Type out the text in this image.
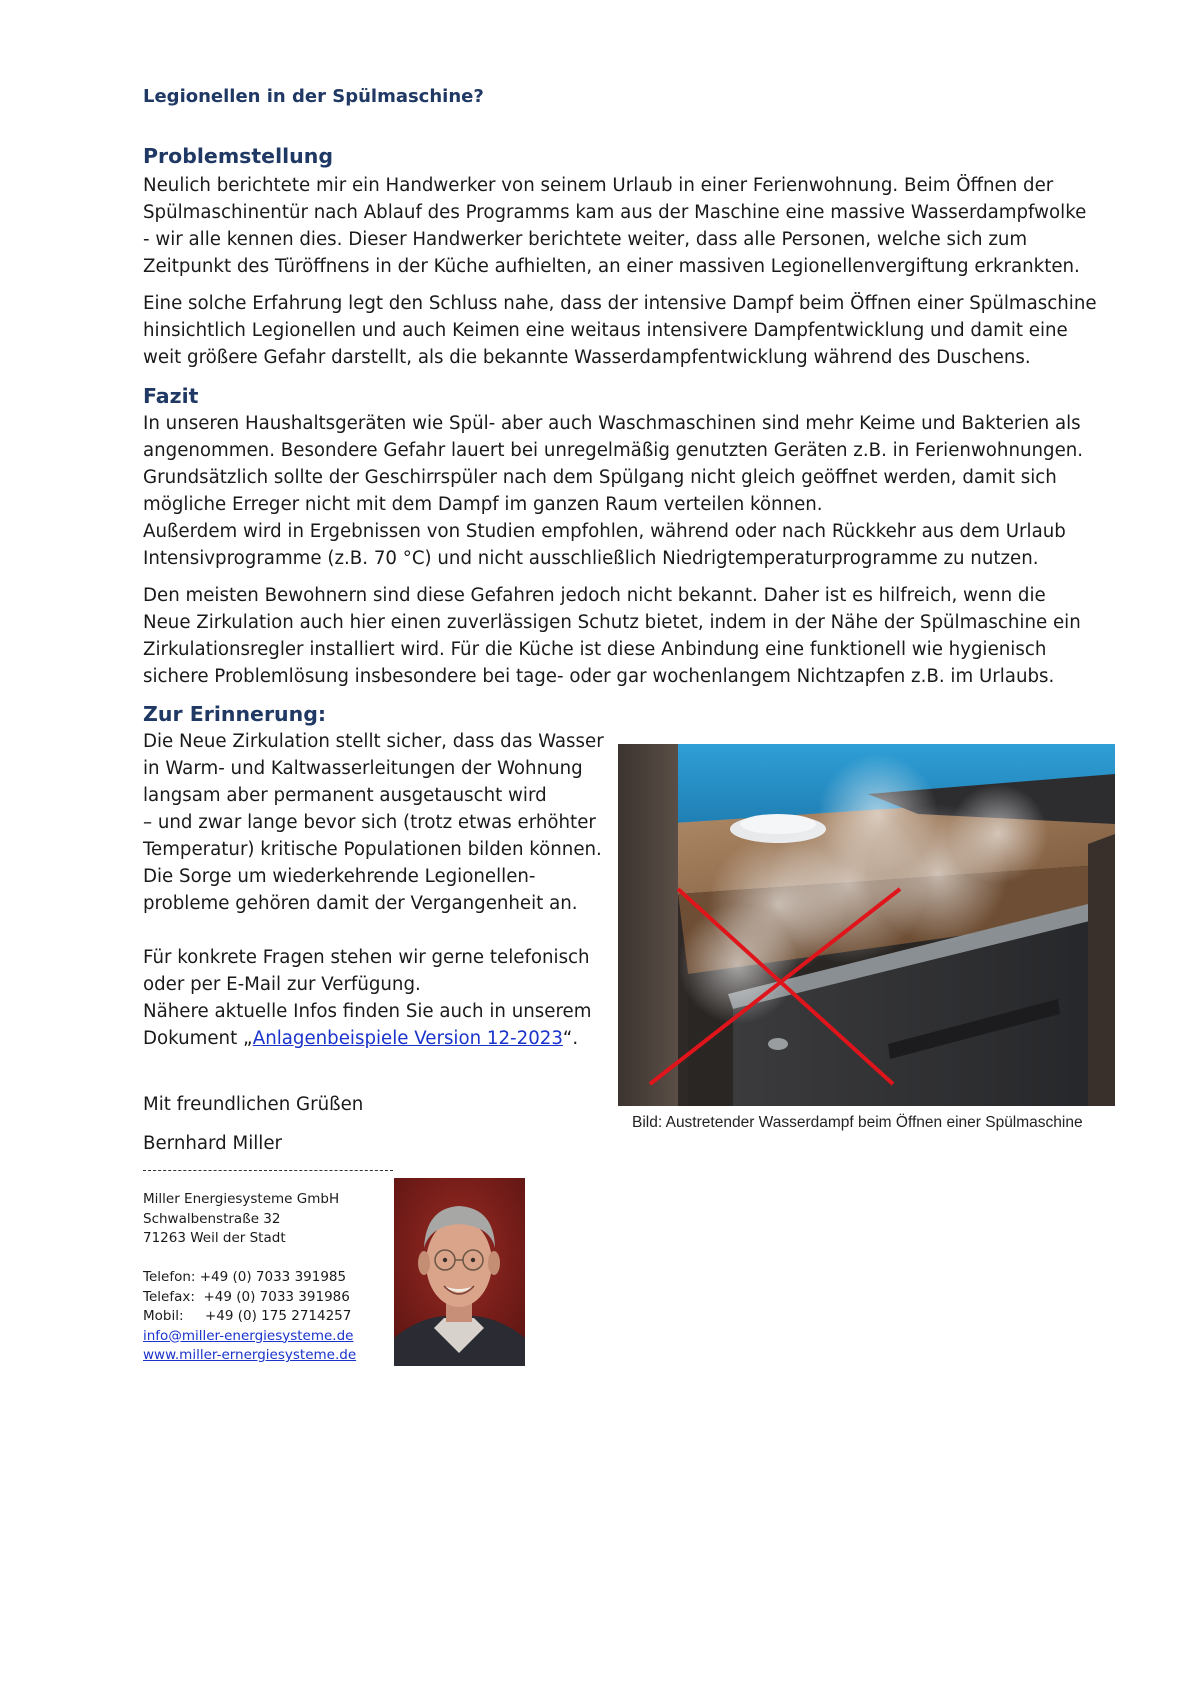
Legionellen in der Spülmaschine?
Problemstellung
Neulich berichtete mir ein Handwerker von seinem Urlaub in einer Ferienwohnung. Beim Öffnen der
Spülmaschinentür nach Ablauf des Programms kam aus der Maschine eine massive Wasserdampfwolke
- wir alle kennen dies. Dieser Handwerker berichtete weiter, dass alle Personen, welche sich zum
Zeitpunkt des Türöffnens in der Küche aufhielten, an einer massiven Legionellenvergiftung erkrankten.
Eine solche Erfahrung legt den Schluss nahe, dass der intensive Dampf beim Öffnen einer Spülmaschine
hinsichtlich Legionellen und auch Keimen eine weitaus intensivere Dampfentwicklung und damit eine
weit größere Gefahr darstellt, als die bekannte Wasserdampfentwicklung während des Duschens.
Fazit
In unseren Haushaltsgeräten wie Spül- aber auch Waschmaschinen sind mehr Keime und Bakterien als
angenommen. Besondere Gefahr lauert bei unregelmäßig genutzten Geräten z.B. in Ferienwohnungen.
Grundsätzlich sollte der Geschirrspüler nach dem Spülgang nicht gleich geöffnet werden, damit sich
mögliche Erreger nicht mit dem Dampf im ganzen Raum verteilen können.
Außerdem wird in Ergebnissen von Studien empfohlen, während oder nach Rückkehr aus dem Urlaub
Intensivprogramme (z.B. 70 °C) und nicht ausschließlich Niedrigtemperaturprogramme zu nutzen.
Den meisten Bewohnern sind diese Gefahren jedoch nicht bekannt. Daher ist es hilfreich, wenn die
Neue Zirkulation auch hier einen zuverlässigen Schutz bietet, indem in der Nähe der Spülmaschine ein
Zirkulationsregler installiert wird. Für die Küche ist diese Anbindung eine funktionell wie hygienisch
sichere Problemlösung insbesondere bei tage- oder gar wochenlangem Nichtzapfen z.B. im Urlaubs.
Zur Erinnerung:
Die Neue Zirkulation stellt sicher, dass das Wasser
in Warm- und Kaltwasserleitungen der Wohnung
langsam aber permanent ausgetauscht wird
– und zwar lange bevor sich (trotz etwas erhöhter
Temperatur) kritische Populationen bilden können.
Die Sorge um wiederkehrende Legionellen-
probleme gehören damit der Vergangenheit an.
Für konkrete Fragen stehen wir gerne telefonisch
oder per E-Mail zur Verfügung.
Nähere aktuelle Infos finden Sie auch in unserem
Dokument „Anlagenbeispiele Version 12-2023“.
Bild: Austretender Wasserdampf beim Öffnen einer Spülmaschine
Mit freundlichen Grüßen
Bernhard Miller
Miller Energiesysteme GmbH
Schwalbenstraße 32
71263 Weil der Stadt
Telefon: +49 (0) 7033 391985
Telefax:  +49 (0) 7033 391986
Mobil:     +49 (0) 175 2714257
info@miller-energiesysteme.de
www.miller-ernergiesysteme.de
